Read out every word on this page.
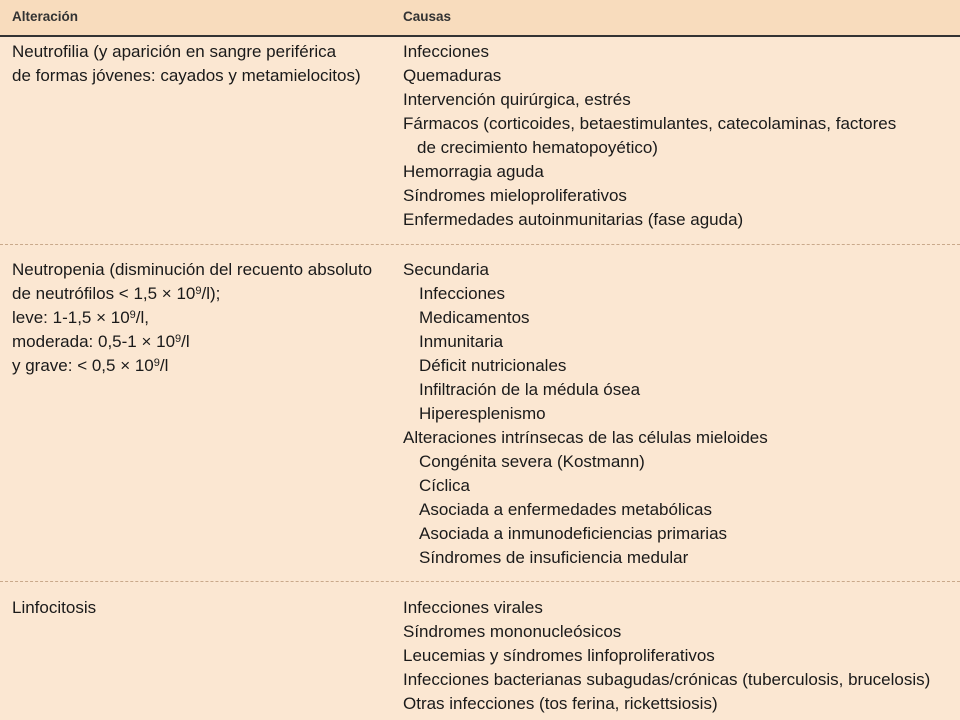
Alteración	Causas
Neutrofilia (y aparición en sangre periférica
de formas jóvenes: cayados y metamielocitos)
Infecciones
Quemaduras
Intervención quirúrgica, estrés
Fármacos (corticoides, betaestimulantes, catecolaminas, factores
de crecimiento hematopoyético)
Hemorragia aguda
Síndromes mieloproliferativos
Enfermedades autoinmunitarias (fase aguda)
Neutropenia (disminución del recuento absoluto
de neutrófilos < $1,5 \times 10^9/l$);
leve: $1-1,5 \times 10^9/l$,
moderada: $0,5-1 \times 10^9/l$
y grave: < $0,5 \times 10^9/l$
Secundaria
Infecciones
Medicamentos
Inmunitaria
Déficit nutricionales
Infiltración de la médula ósea
Hiperesplenismo
Alteraciones intrínsecas de las células mieloides
Congénita severa (Kostmann)
Cíclica
Asociada a enfermedades metabólicas
Asociada a inmunodeficiencias primarias
Síndromes de insuficiencia medular
Linfocitosis	Infecciones virales
Síndromes mononucleósicos
Leucemias y síndromes linfoproliferativos
Infecciones bacterianas subagudas/crónicas (tuberculosis, brucelosis)
Otras infecciones (tos ferina, rickettsiosis)
